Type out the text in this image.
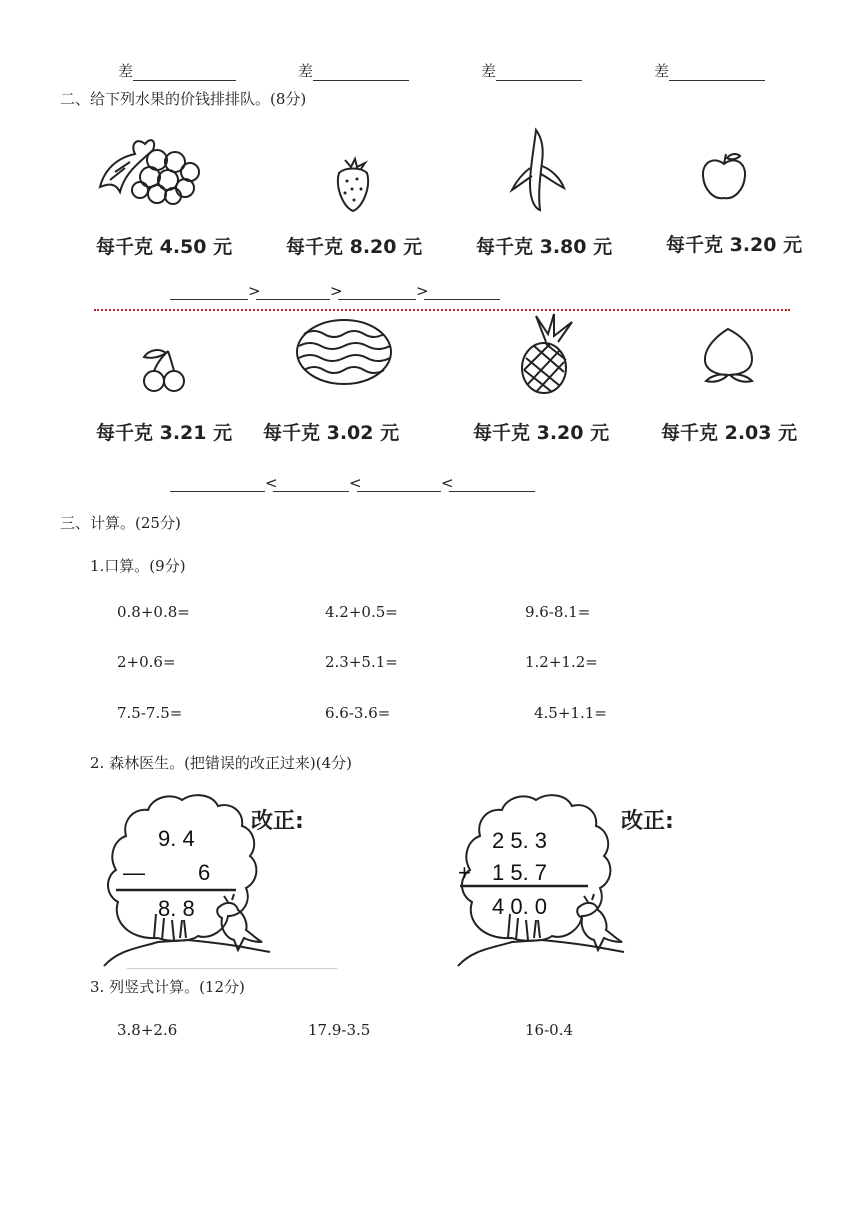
差	差	差	差
二、给下列水果的价钱排排队。(8分)
每千克 4.50 元	每千克 8.20 元	每千克 3.80 元	每千克 3.20 元
>	>	>
每千克 3.21 元 每千克 3.02 元	每千克 3.20 元	每千克 2.03 元
<	<	<
三、计算。(25分)
1.口算。(9分)
0.8+0.8=	4.2+0.5=	9.6-8.1=
2+0.6=	2.3+5.1=	1.2+1.2=
7.5-7.5=	6.6-3.6=	4.5+1.1=
2. 森林医生。(把错误的改正过来)(4分)
9. 4
— 6
8. 8
改正:
2 5. 3
+ 1 5. 7
4 0. 0
改正:
3. 列竖式计算。(12分)
3.8+2.6	17.9-3.5	16-0.4
